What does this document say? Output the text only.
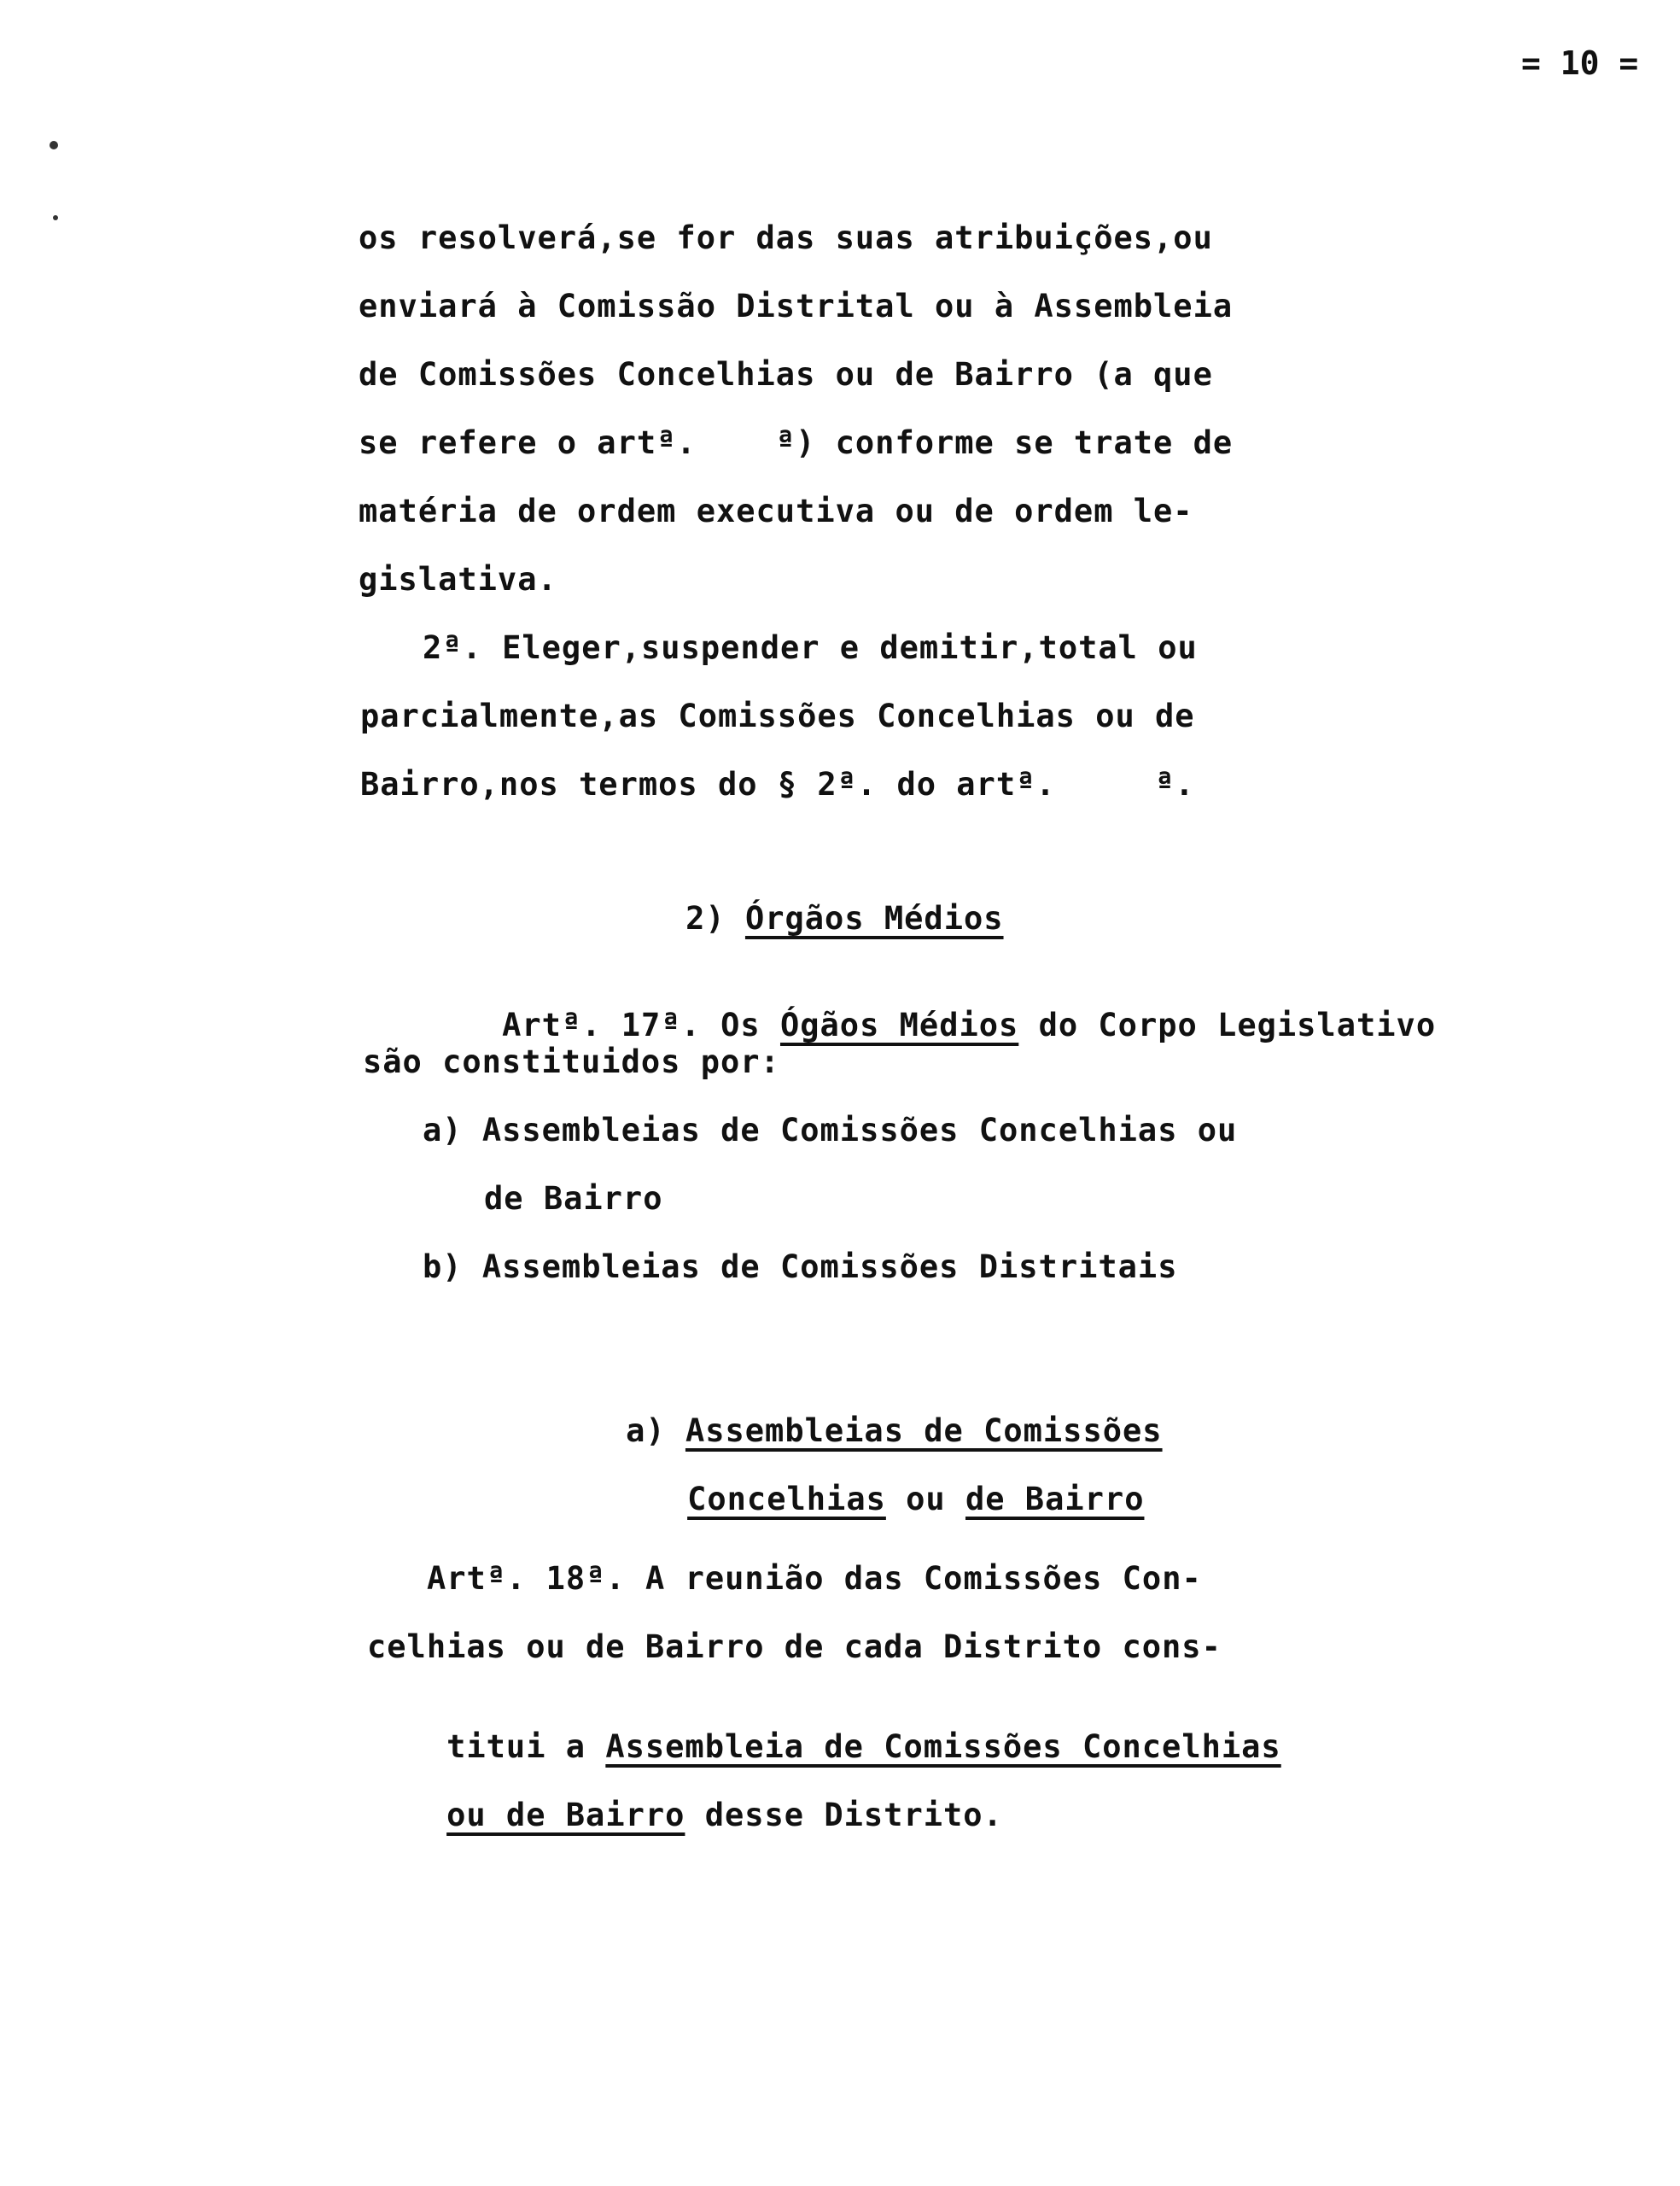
= 10 =
os resolverá,se for das suas atribuições,ou
enviará à Comissão Distrital ou à Assembleia
de Comissões Concelhias ou de Bairro (a que
se refere o artª.    ª) conforme se trate de
matéria de ordem executiva ou de ordem le-
gislativa.
2ª. Eleger,suspender e demitir,total ou
parcialmente,as Comissões Concelhias ou de
Bairro,nos termos do § 2ª. do artª.     ª.

2) Órgãos Médios

Artª. 17ª. Os Ógãos Médios do Corpo Legislativo

são constituidos por:
a) Assembleias de Comissões Concelhias ou
de Bairro
b) Assembleias de Comissões Distritais

a) Assembleias de Comissões

Concelhias ou de Bairro

Artª. 18ª. A reunião das Comissões Con-
celhias ou de Bairro de cada Distrito cons-

titui a Assembleia de Comissões Concelhias

ou de Bairro desse Distrito.
